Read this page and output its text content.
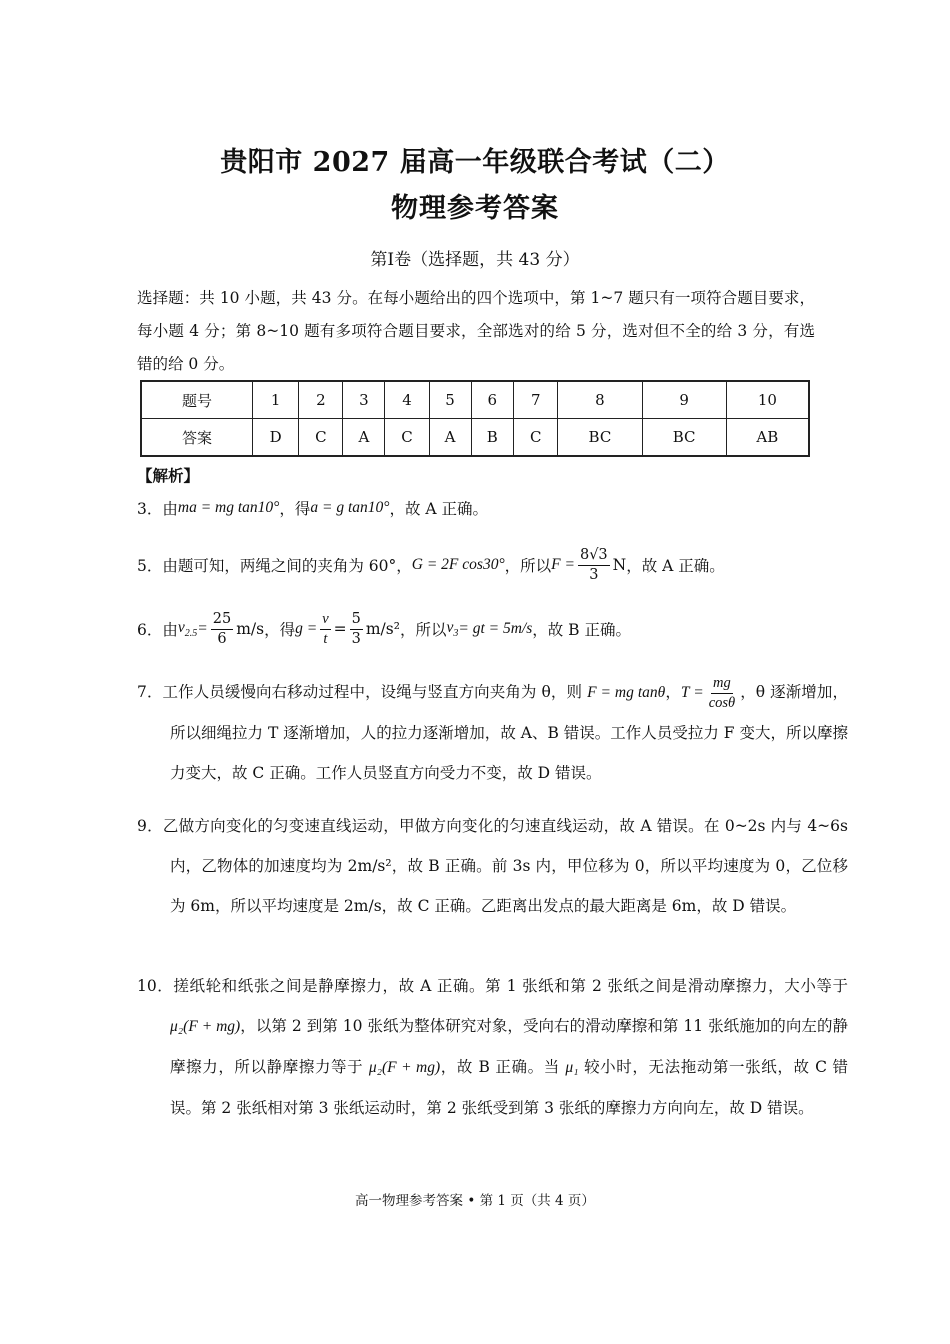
贵阳市 2027 届高一年级联合考试（二）
物理参考答案
第Ⅰ卷（选择题，共 43 分）
选择题：共 10 小题，共 43 分。在每小题给出的四个选项中，第 1~7 题只有一项符合题目要求，每小题 4 分；第 8~10 题有多项符合题目要求，全部选对的给 5 分，选对但不全的给 3 分，有选错的给 0 分。
题号	1	2	3	4	5	6	7	8	9	10
答案	D	C	A	C	A	B	C	BC	BC	AB
【解析】
3． 由 ma = mg tan10° ，得 a = g tan10° ，故 A 正确。
5． 由题可知，两绳之间的夹角为 60°， G = 2F cos30° ，所以 $F = \frac{8√3}{3}$ N ，故 A 正确。
6． 由 $v_{2.5} = \frac{25}{6} m/s$ ，得 $g = \frac{v}{t} = \frac{5}{3} m/s^2$ ，所以 $v_3$ = gt = 5m/s ，故 B 正确。
7．工作人员缓慢向右移动过程中，设绳与竖直方向夹角为 θ，则 F = mg tanθ，$T = \frac{mg}{\cos\theta}$ ，θ 逐渐增加，所以细绳拉力 T 逐渐增加，人的拉力逐渐增加，故 A、B 错误。工作人员受拉力 F 变大，所以摩擦力变大，故 C 正确。工作人员竖直方向受力不变，故 D 错误。
9．乙做方向变化的匀变速直线运动，甲做方向变化的匀速直线运动，故 A 错误。在 0~2s 内与 4~6s 内，乙物体的加速度均为 2m/s²，故 B 正确。前 3s 内，甲位移为 0，所以平均速度为 0，乙位移为 6m，所以平均速度是 2m/s，故 C 正确。乙距离出发点的最大距离是 6m，故 D 错误。
10．搓纸轮和纸张之间是静摩擦力，故 A 正确。第 1 张纸和第 2 张纸之间是滑动摩擦力，大小等于 μ₂(F + mg)，以第 2 到第 10 张纸为整体研究对象，受向右的滑动摩擦和第 11 张纸施加的向左的静摩擦力，所以静摩擦力等于 μ₂(F + mg)，故 B 正确。当 μ₁ 较小时，无法拖动第一张纸，故 C 错误。第 2 张纸相对第 3 张纸运动时，第 2 张纸受到第 3 张纸的摩擦力方向向左，故 D 错误。
高一物理参考答案 • 第 1 页（共 4 页）
